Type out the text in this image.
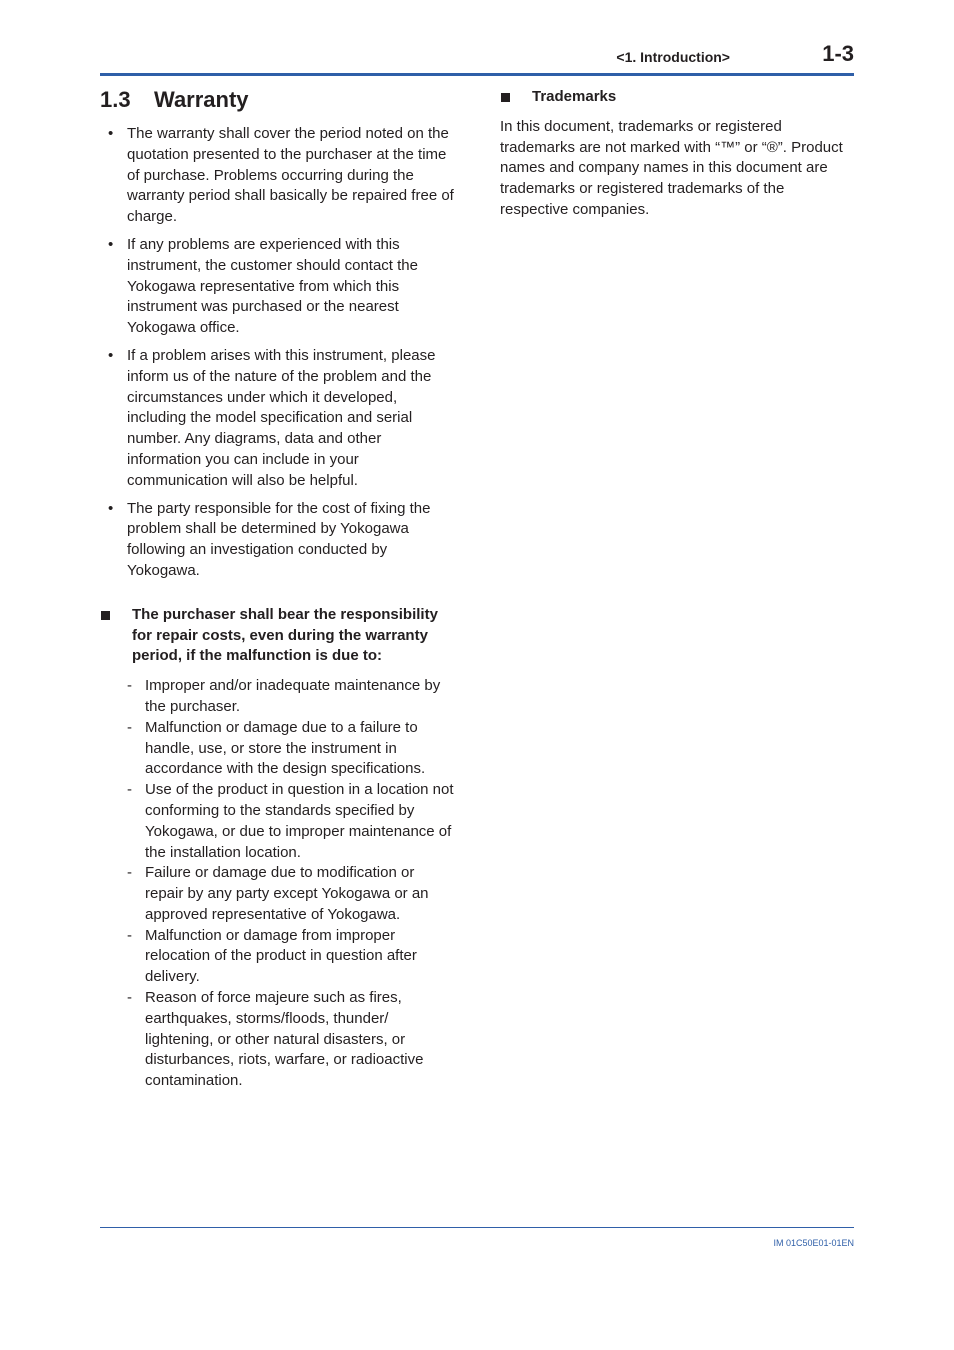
<1. Introduction>	1-3
1.3 Warranty
• The warranty shall cover the period noted on the quotation presented to the purchaser at the time of purchase. Problems occurring during the warranty period shall basically be repaired free of charge.
• If any problems are experienced with this instrument, the customer should contact the Yokogawa representative from which this instrument was purchased or the nearest Yokogawa office.
• If a problem arises with this instrument, please inform us of the nature of the problem and the circumstances under which it developed, including the model specification and serial number. Any diagrams, data and other information you can include in your communication will also be helpful.
• The party responsible for the cost of fixing the problem shall be determined by Yokogawa following an investigation conducted by Yokogawa.
The purchaser shall bear the responsibility for repair costs, even during the warranty period, if the malfunction is due to:
- Improper and/or inadequate maintenance by the purchaser.
- Malfunction or damage due to a failure to handle, use, or store the instrument in accordance with the design specifications.
- Use of the product in question in a location not conforming to the standards specified by Yokogawa, or due to improper maintenance of the installation location.
- Failure or damage due to modification or repair by any party except Yokogawa or an approved representative of Yokogawa.
- Malfunction or damage from improper relocation of the product in question after delivery.
- Reason of force majeure such as fires, earthquakes, storms/floods, thunder/ lightening, or other natural disasters, or disturbances, riots, warfare, or radioactive contamination.
Trademarks

In this document, trademarks or registered trademarks are not marked with “™” or “®”. Product names and company names in this document are trademarks or registered trademarks of the respective companies.

IM 01C50E01-01EN
